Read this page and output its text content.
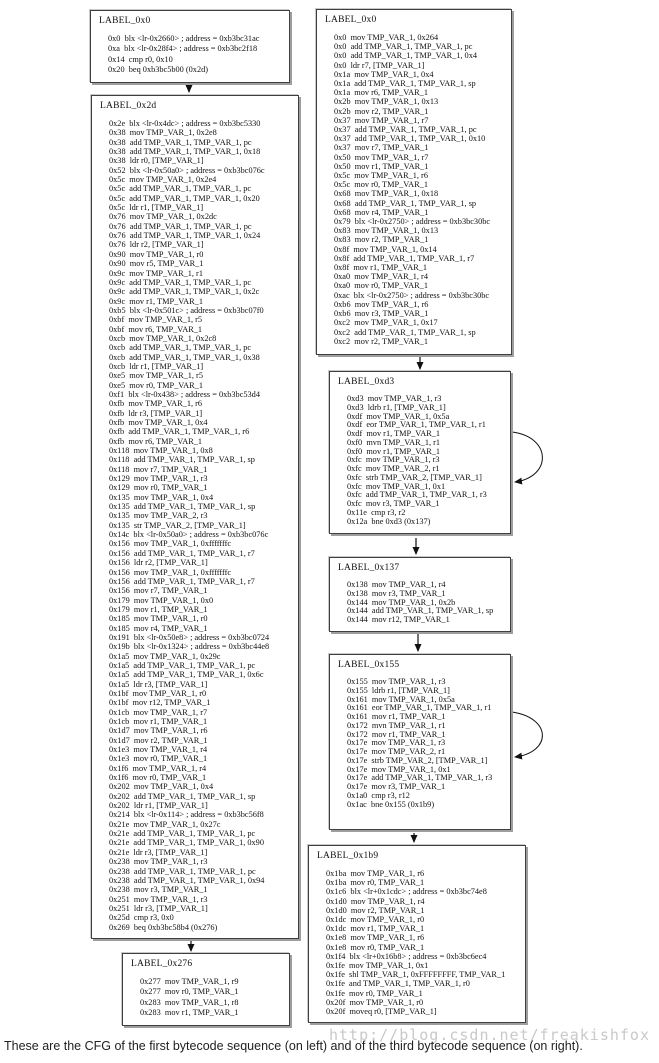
LABEL_0x0
0x0  blx <lr-0x2660> ; address = 0xb3bc31ac
0xa  blx <lr-0x28f4> ; address = 0xb3bc2f18
0x14  cmp r0, 0x10
0x20  beq 0xb3bc5b00 (0x2d)
LABEL_0x2d
0x2e  blx <lr-0x4dc> ; address = 0xb3bc5330
0x38  mov TMP_VAR_1, 0x2e8
0x38  add TMP_VAR_1, TMP_VAR_1, pc
0x38  add TMP_VAR_1, TMP_VAR_1, 0x18
0x38  ldr r0, [TMP_VAR_1]
0x52  blx <lr-0x50a0> ; address = 0xb3bc076c
0x5c  mov TMP_VAR_1, 0x2e4
0x5c  add TMP_VAR_1, TMP_VAR_1, pc
0x5c  add TMP_VAR_1, TMP_VAR_1, 0x20
0x5c  ldr r1, [TMP_VAR_1]
0x76  mov TMP_VAR_1, 0x2dc
0x76  add TMP_VAR_1, TMP_VAR_1, pc
0x76  add TMP_VAR_1, TMP_VAR_1, 0x24
0x76  ldr r2, [TMP_VAR_1]
0x90  mov TMP_VAR_1, r0
0x90  mov r5, TMP_VAR_1
0x9c  mov TMP_VAR_1, r1
0x9c  add TMP_VAR_1, TMP_VAR_1, pc
0x9c  add TMP_VAR_1, TMP_VAR_1, 0x2c
0x9c  mov r1, TMP_VAR_1
0xb5  blx <lr-0x501c> ; address = 0xb3bc07f0
0xbf  mov TMP_VAR_1, r5
0xbf  mov r6, TMP_VAR_1
0xcb  mov TMP_VAR_1, 0x2c8
0xcb  add TMP_VAR_1, TMP_VAR_1, pc
0xcb  add TMP_VAR_1, TMP_VAR_1, 0x38
0xcb  ldr r1, [TMP_VAR_1]
0xe5  mov TMP_VAR_1, r5
0xe5  mov r0, TMP_VAR_1
0xf1  blx <lr-0x438> ; address = 0xb3bc53d4
0xfb  mov TMP_VAR_1, r6
0xfb  ldr r3, [TMP_VAR_1]
0xfb  mov TMP_VAR_1, 0x4
0xfb  add TMP_VAR_1, TMP_VAR_1, r6
0xfb  mov r6, TMP_VAR_1
0x118  mov TMP_VAR_1, 0x8
0x118  add TMP_VAR_1, TMP_VAR_1, sp
0x118  mov r7, TMP_VAR_1
0x129  mov TMP_VAR_1, r3
0x129  mov r0, TMP_VAR_1
0x135  mov TMP_VAR_1, 0x4
0x135  add TMP_VAR_1, TMP_VAR_1, sp
0x135  mov TMP_VAR_2, r3
0x135  str TMP_VAR_2, [TMP_VAR_1]
0x14c  blx <lr-0x50a0> ; address = 0xb3bc076c
0x156  mov TMP_VAR_1, 0xfffffffc
0x156  add TMP_VAR_1, TMP_VAR_1, r7
0x156  ldr r2, [TMP_VAR_1]
0x156  mov TMP_VAR_1, 0xfffffffc
0x156  add TMP_VAR_1, TMP_VAR_1, r7
0x156  mov r7, TMP_VAR_1
0x179  mov TMP_VAR_1, 0x0
0x179  mov r1, TMP_VAR_1
0x185  mov TMP_VAR_1, r0
0x185  mov r4, TMP_VAR_1
0x191  blx <lr-0x50e8> ; address = 0xb3bc0724
0x19b  blx <lr-0x1324> ; address = 0xb3bc44e8
0x1a5  mov TMP_VAR_1, 0x29c
0x1a5  add TMP_VAR_1, TMP_VAR_1, pc
0x1a5  add TMP_VAR_1, TMP_VAR_1, 0x6c
0x1a5  ldr r3, [TMP_VAR_1]
0x1bf  mov TMP_VAR_1, r0
0x1bf  mov r12, TMP_VAR_1
0x1cb  mov TMP_VAR_1, r7
0x1cb  mov r1, TMP_VAR_1
0x1d7  mov TMP_VAR_1, r6
0x1d7  mov r2, TMP_VAR_1
0x1e3  mov TMP_VAR_1, r4
0x1e3  mov r0, TMP_VAR_1
0x1f6  mov TMP_VAR_1, r4
0x1f6  mov r0, TMP_VAR_1
0x202  mov TMP_VAR_1, 0x4
0x202  add TMP_VAR_1, TMP_VAR_1, sp
0x202  ldr r1, [TMP_VAR_1]
0x214  blx <lr-0x114> ; address = 0xb3bc56f8
0x21e  mov TMP_VAR_1, 0x27c
0x21e  add TMP_VAR_1, TMP_VAR_1, pc
0x21e  add TMP_VAR_1, TMP_VAR_1, 0x90
0x21e  ldr r3, [TMP_VAR_1]
0x238  mov TMP_VAR_1, r3
0x238  add TMP_VAR_1, TMP_VAR_1, pc
0x238  add TMP_VAR_1, TMP_VAR_1, 0x94
0x238  mov r3, TMP_VAR_1
0x251  mov TMP_VAR_1, r3
0x251  ldr r3, [TMP_VAR_1]
0x25d  cmp r3, 0x0
0x269  beq 0xb3bc58b4 (0x276)
LABEL_0x276
0x277  mov TMP_VAR_1, r9
0x277  mov r0, TMP_VAR_1
0x283  mov TMP_VAR_1, r8
0x283  mov r1, TMP_VAR_1
LABEL_0x0
0x0  mov TMP_VAR_1, 0x264
0x0  add TMP_VAR_1, TMP_VAR_1, pc
0x0  add TMP_VAR_1, TMP_VAR_1, 0x4
0x0  ldr r7, [TMP_VAR_1]
0x1a  mov TMP_VAR_1, 0x4
0x1a  add TMP_VAR_1, TMP_VAR_1, sp
0x1a  mov r6, TMP_VAR_1
0x2b  mov TMP_VAR_1, 0x13
0x2b  mov r2, TMP_VAR_1
0x37  mov TMP_VAR_1, r7
0x37  add TMP_VAR_1, TMP_VAR_1, pc
0x37  add TMP_VAR_1, TMP_VAR_1, 0x10
0x37  mov r7, TMP_VAR_1
0x50  mov TMP_VAR_1, r7
0x50  mov r1, TMP_VAR_1
0x5c  mov TMP_VAR_1, r6
0x5c  mov r0, TMP_VAR_1
0x68  mov TMP_VAR_1, 0x18
0x68  add TMP_VAR_1, TMP_VAR_1, sp
0x68  mov r4, TMP_VAR_1
0x79  blx <lr-0x2750> ; address = 0xb3bc30bc
0x83  mov TMP_VAR_1, 0x13
0x83  mov r2, TMP_VAR_1
0x8f  mov TMP_VAR_1, 0x14
0x8f  add TMP_VAR_1, TMP_VAR_1, r7
0x8f  mov r1, TMP_VAR_1
0xa0  mov TMP_VAR_1, r4
0xa0  mov r0, TMP_VAR_1
0xac  blx <lr-0x2750> ; address = 0xb3bc30bc
0xb6  mov TMP_VAR_1, r6
0xb6  mov r3, TMP_VAR_1
0xc2  mov TMP_VAR_1, 0x17
0xc2  add TMP_VAR_1, TMP_VAR_1, sp
0xc2  mov r2, TMP_VAR_1
LABEL_0xd3
0xd3  mov TMP_VAR_1, r3
0xd3  ldrb r1, [TMP_VAR_1]
0xdf  mov TMP_VAR_1, 0x5a
0xdf  eor TMP_VAR_1, TMP_VAR_1, r1
0xdf  mov r1, TMP_VAR_1
0xf0  mvn TMP_VAR_1, r1
0xf0  mov r1, TMP_VAR_1
0xfc  mov TMP_VAR_1, r3
0xfc  mov TMP_VAR_2, r1
0xfc  strb TMP_VAR_2, [TMP_VAR_1]
0xfc  mov TMP_VAR_1, 0x1
0xfc  add TMP_VAR_1, TMP_VAR_1, r3
0xfc  mov r3, TMP_VAR_1
0x11e  cmp r3, r2
0x12a  bne 0xd3 (0x137)
LABEL_0x137
0x138  mov TMP_VAR_1, r4
0x138  mov r3, TMP_VAR_1
0x144  mov TMP_VAR_1, 0x2b
0x144  add TMP_VAR_1, TMP_VAR_1, sp
0x144  mov r12, TMP_VAR_1
LABEL_0x155
0x155  mov TMP_VAR_1, r3
0x155  ldrb r1, [TMP_VAR_1]
0x161  mov TMP_VAR_1, 0x5a
0x161  eor TMP_VAR_1, TMP_VAR_1, r1
0x161  mov r1, TMP_VAR_1
0x172  mvn TMP_VAR_1, r1
0x172  mov r1, TMP_VAR_1
0x17e  mov TMP_VAR_1, r3
0x17e  mov TMP_VAR_2, r1
0x17e  strb TMP_VAR_2, [TMP_VAR_1]
0x17e  mov TMP_VAR_1, 0x1
0x17e  add TMP_VAR_1, TMP_VAR_1, r3
0x17e  mov r3, TMP_VAR_1
0x1a0  cmp r3, r12
0x1ac  bne 0x155 (0x1b9)
LABEL_0x1b9
0x1ba  mov TMP_VAR_1, r6
0x1ba  mov r0, TMP_VAR_1
0x1c6  blx <lr+0x1cdc> ; address = 0xb3bc74e8
0x1d0  mov TMP_VAR_1, r4
0x1d0  mov r2, TMP_VAR_1
0x1dc  mov TMP_VAR_1, r0
0x1dc  mov r1, TMP_VAR_1
0x1e8  mov TMP_VAR_1, r6
0x1e8  mov r0, TMP_VAR_1
0x1f4  blx <lr+0x16b8> ; address = 0xb3bc6ec4
0x1fe  mov TMP_VAR_1, 0x1
0x1fe  shl TMP_VAR_1, 0xFFFFFFFF, TMP_VAR_1
0x1fe  and TMP_VAR_1, TMP_VAR_1, r0
0x1fe  mov r0, TMP_VAR_1
0x20f  mov TMP_VAR_1, r0
0x20f  moveq r0, [TMP_VAR_1]
http://blog.csdn.net/freakishfox
These are the CFG of the first bytecode sequence (on left) and of the third bytecode sequence (on right).
